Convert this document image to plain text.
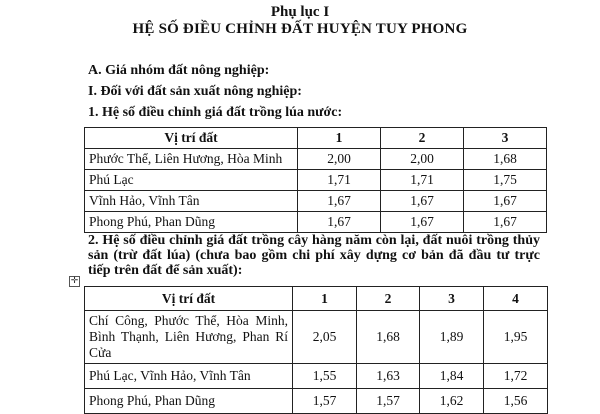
Phụ lục I
HỆ SỐ ĐIỀU CHỈNH ĐẤT HUYỆN TUY PHONG
A. Giá nhóm đất nông nghiệp:
I. Đối với đất sản xuất nông nghiệp:
1. Hệ số điều chỉnh giá đất trồng lúa nước:
Vị trí đất	1	2	3
Phước Thể, Liên Hương, Hòa Minh	2,00	2,00	1,68
Phú Lạc	1,71	1,71	1,75
Vĩnh Hảo, Vĩnh Tân	1,67	1,67	1,67
Phong Phú, Phan Dũng	1,67	1,67	1,67
2. Hệ số điều chỉnh giá đất trồng cây hàng năm còn lại, đất nuôi trồng thủy sản (trừ đất lúa) (chưa bao gồm chi phí xây dựng cơ bản đã đầu tư trực tiếp trên đất để sản xuất):
✛
Vị trí đất	1	2	3	4
Chí Công, Phước Thể, Hòa Minh, Bình Thạnh, Liên Hương, Phan Rí Cửa	2,05	1,68	1,89	1,95
Phú Lạc, Vĩnh Hảo, Vĩnh Tân	1,55	1,63	1,84	1,72
Phong Phú, Phan Dũng	1,57	1,57	1,62	1,56
